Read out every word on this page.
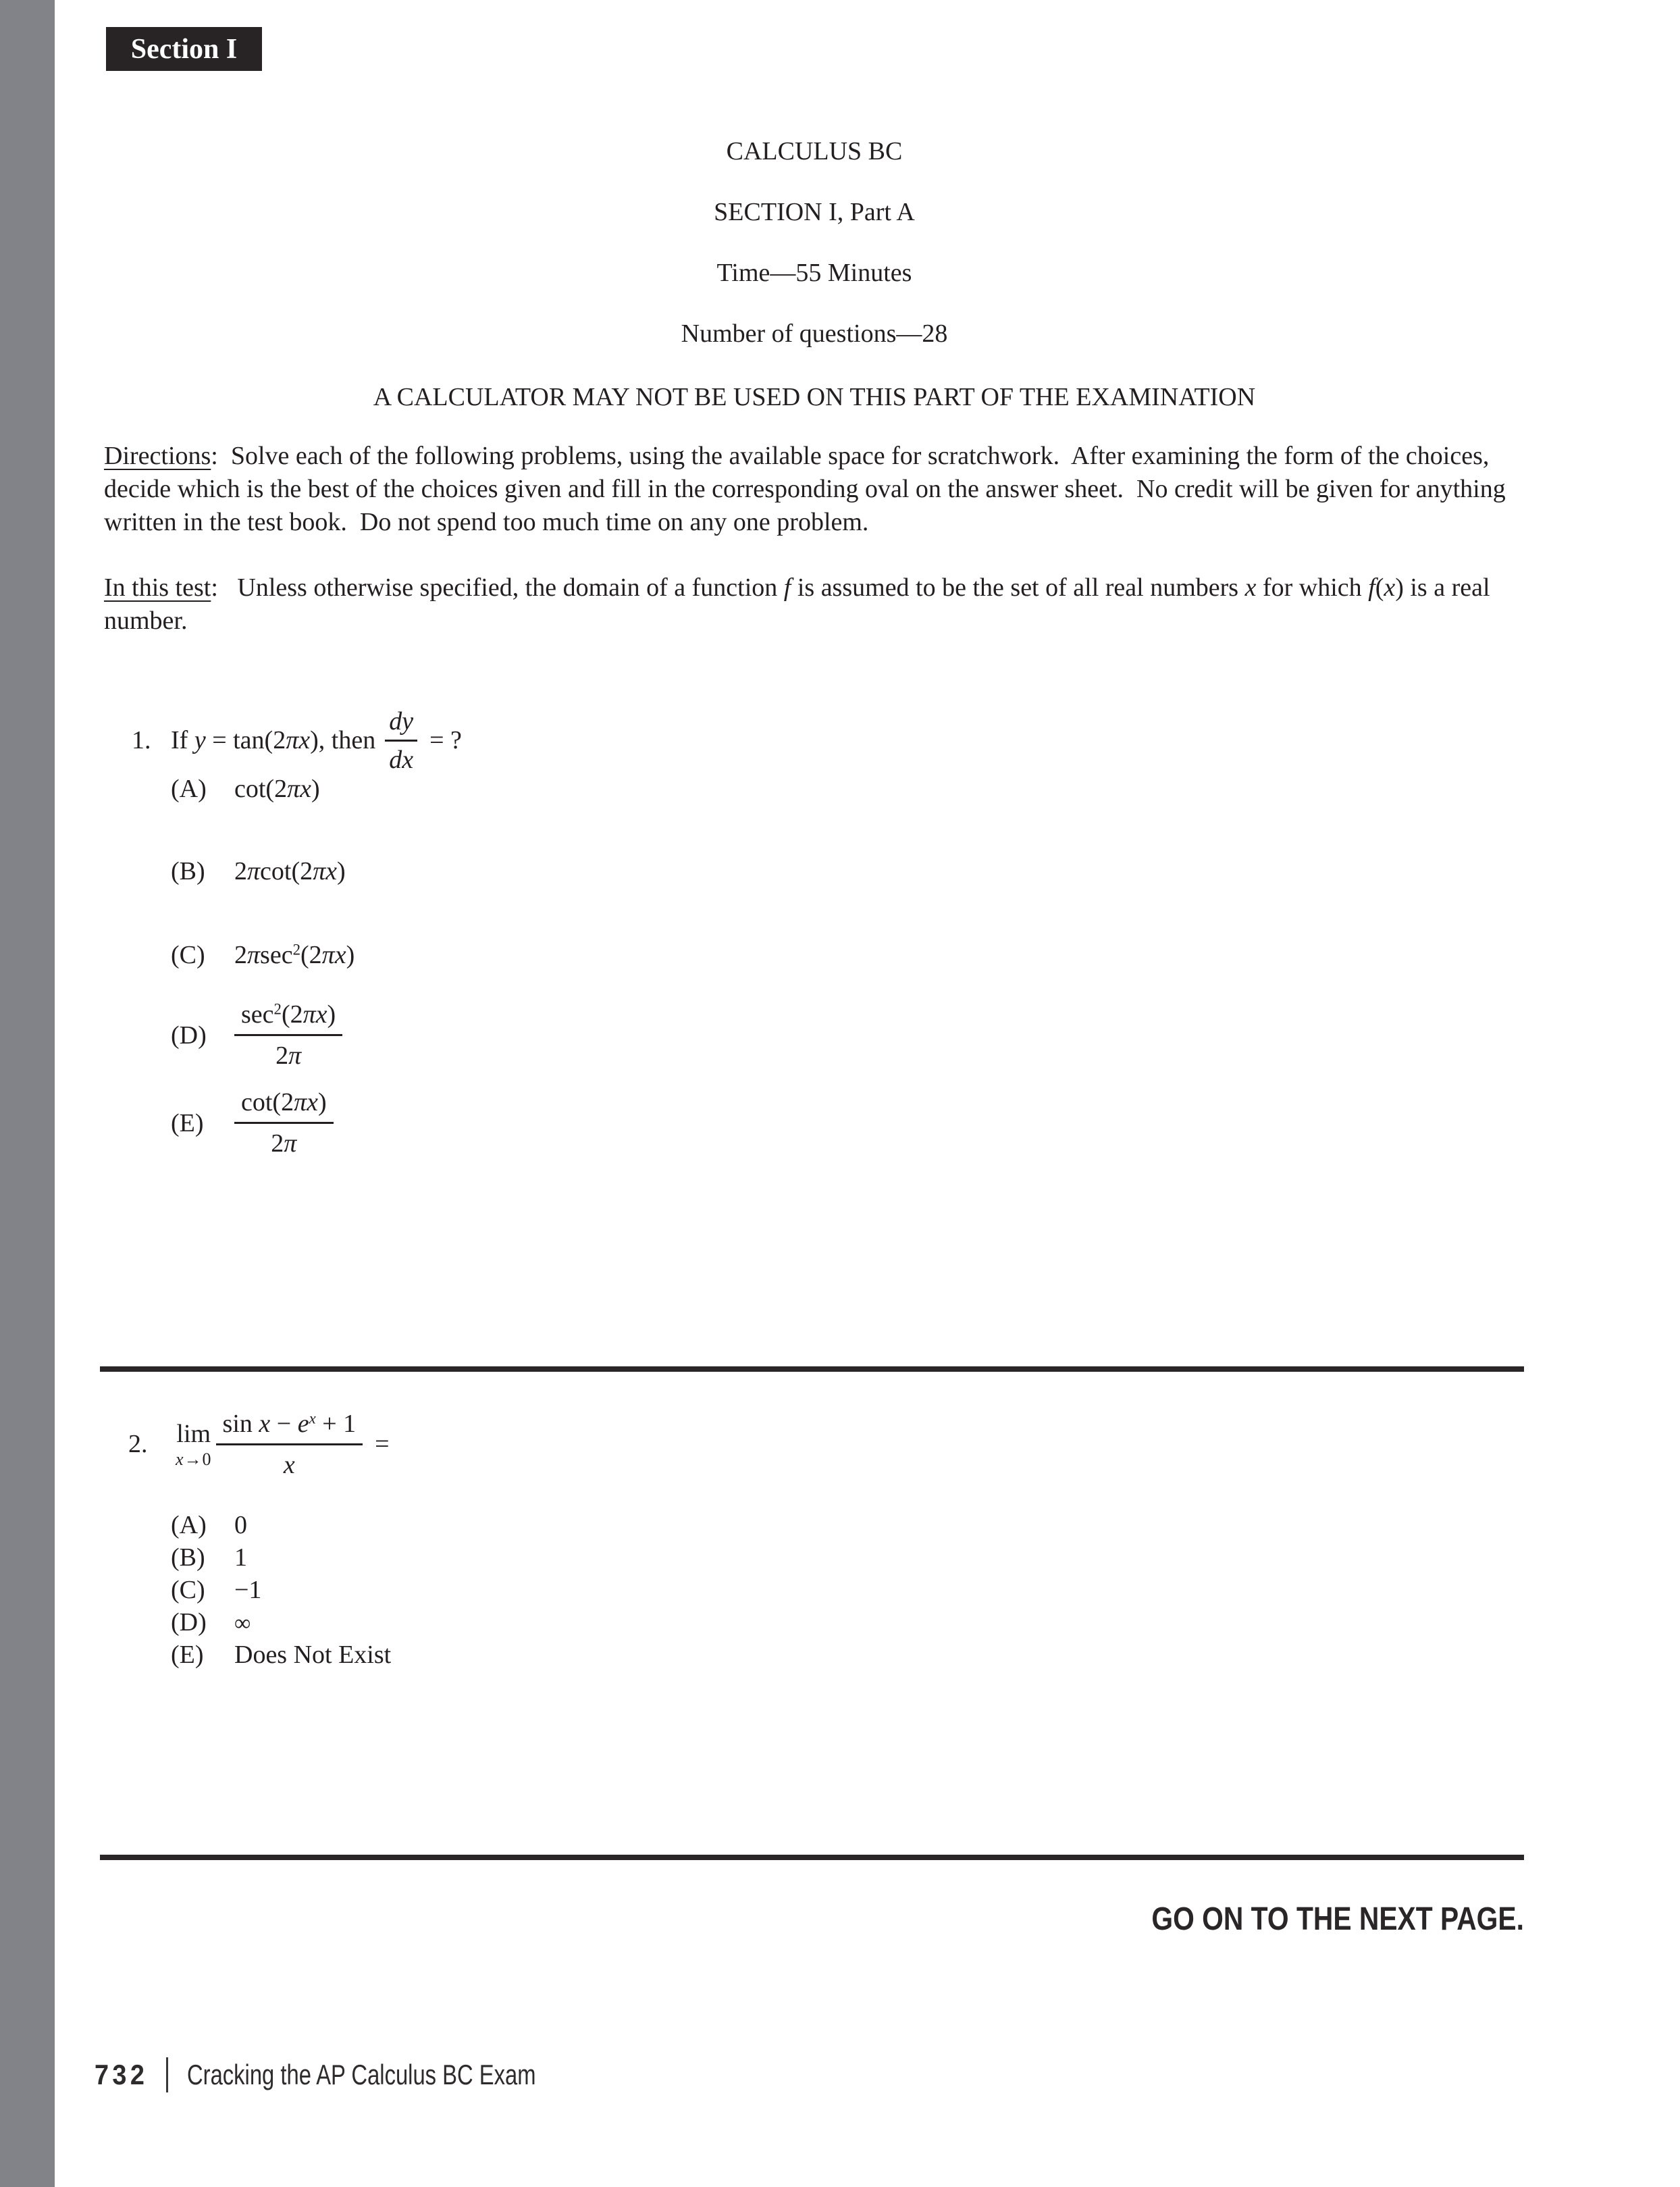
Section I
CALCULUS BC
SECTION I, Part A
Time—55 Minutes
Number of questions—28
A CALCULATOR MAY NOT BE USED ON THIS PART OF THE EXAMINATION

Directions:  Solve each of the following problems, using the available space for scratchwork.  After examining the form of the choices, decide which is the best of the choices given and fill in the corresponding oval on the answer sheet.  No credit will be given for anything written in the test book.  Do not spend too much time on any one problem.

In this test:   Unless otherwise specified, the domain of a function f is assumed to be the set of all real numbers x for which f(x) is a real number.

1. If y = tan(2πx), then $\frac{dy}{dx}$ = ?
(A)	cot(2πx)
(B)	2πcot(2πx)
(C)	2πsec$^2$(2πx)
(D)	$\frac{\sec^2(2\pi x)}{2\pi}$
(E)	$\frac{\cot(2\pi x)}{2\pi}$
2.	lim
$x\to 0 \frac{\sin x - e^x + 1}{x}$ =
(A)	0
(B)	1
(C)	−1
(D)	∞
(E)	Does Not Exist
GO ON TO THE NEXT PAGE.
732 Cracking the AP Calculus BC Exam
